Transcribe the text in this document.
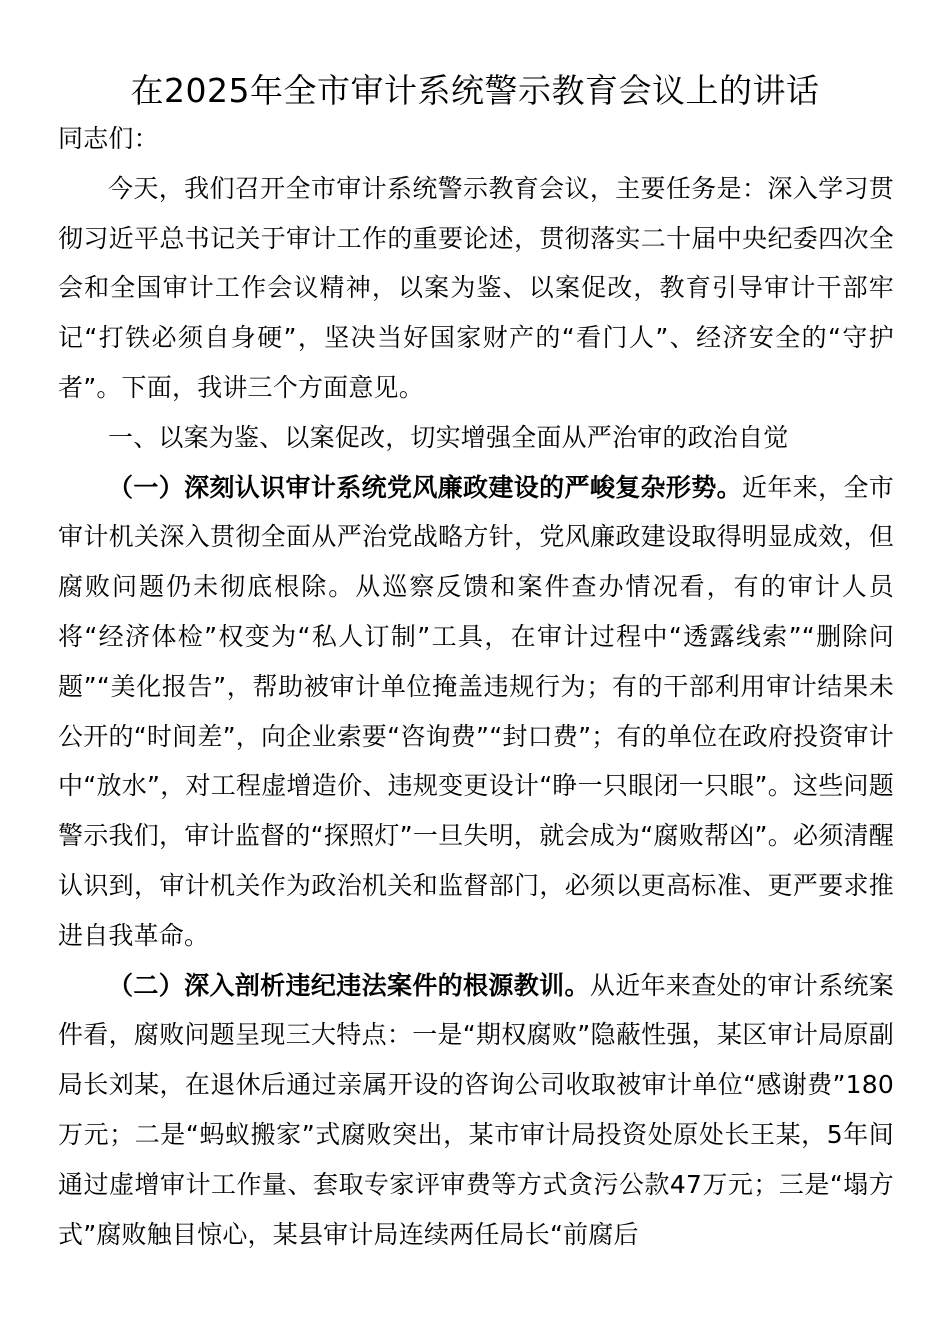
在2025年全市审计系统警示教育会议上的讲话

同志们：

今天，我们召开全市审计系统警示教育会议，主要任务是：深入学习贯彻习近平总书记关于审计工作的重要论述，贯彻落实二十届中央纪委四次全会和全国审计工作会议精神，以案为鉴、以案促改，教育引导审计干部牢记“打铁必须自身硬”，坚决当好国家财产的“看门人”、经济安全的“守护者”。下面，我讲三个方面意见。

一、以案为鉴、以案促改，切实增强全面从严治审的政治自觉

（一）深刻认识审计系统党风廉政建设的严峻复杂形势。近年来，全市审计机关深入贯彻全面从严治党战略方针，党风廉政建设取得明显成效，但腐败问题仍未彻底根除。从巡察反馈和案件查办情况看，有的审计人员将“经济体检”权变为“私人订制”工具，在审计过程中“透露线索”“删除问题”“美化报告”，帮助被审计单位掩盖违规行为；有的干部利用审计结果未公开的“时间差”，向企业索要“咨询费”“封口费”；有的单位在政府投资审计中“放水”，对工程虚增造价、违规变更设计“睁一只眼闭一只眼”。这些问题警示我们，审计监督的“探照灯”一旦失明，就会成为“腐败帮凶”。必须清醒认识到，审计机关作为政治机关和监督部门，必须以更高标准、更严要求推进自我革命。

（二）深入剖析违纪违法案件的根源教训。从近年来查处的审计系统案件看，腐败问题呈现三大特点：一是“期权腐败”隐蔽性强，某区审计局原副局长刘某，在退休后通过亲属开设的咨询公司收取被审计单位“感谢费”180万元；二是“蚂蚁搬家”式腐败突出，某市审计局投资处原处长王某，5年间通过虚增审计工作量、套取专家评审费等方式贪污公款47万元；三是“塌方式”腐败触目惊心，某县审计局连续两任局长“前腐后
